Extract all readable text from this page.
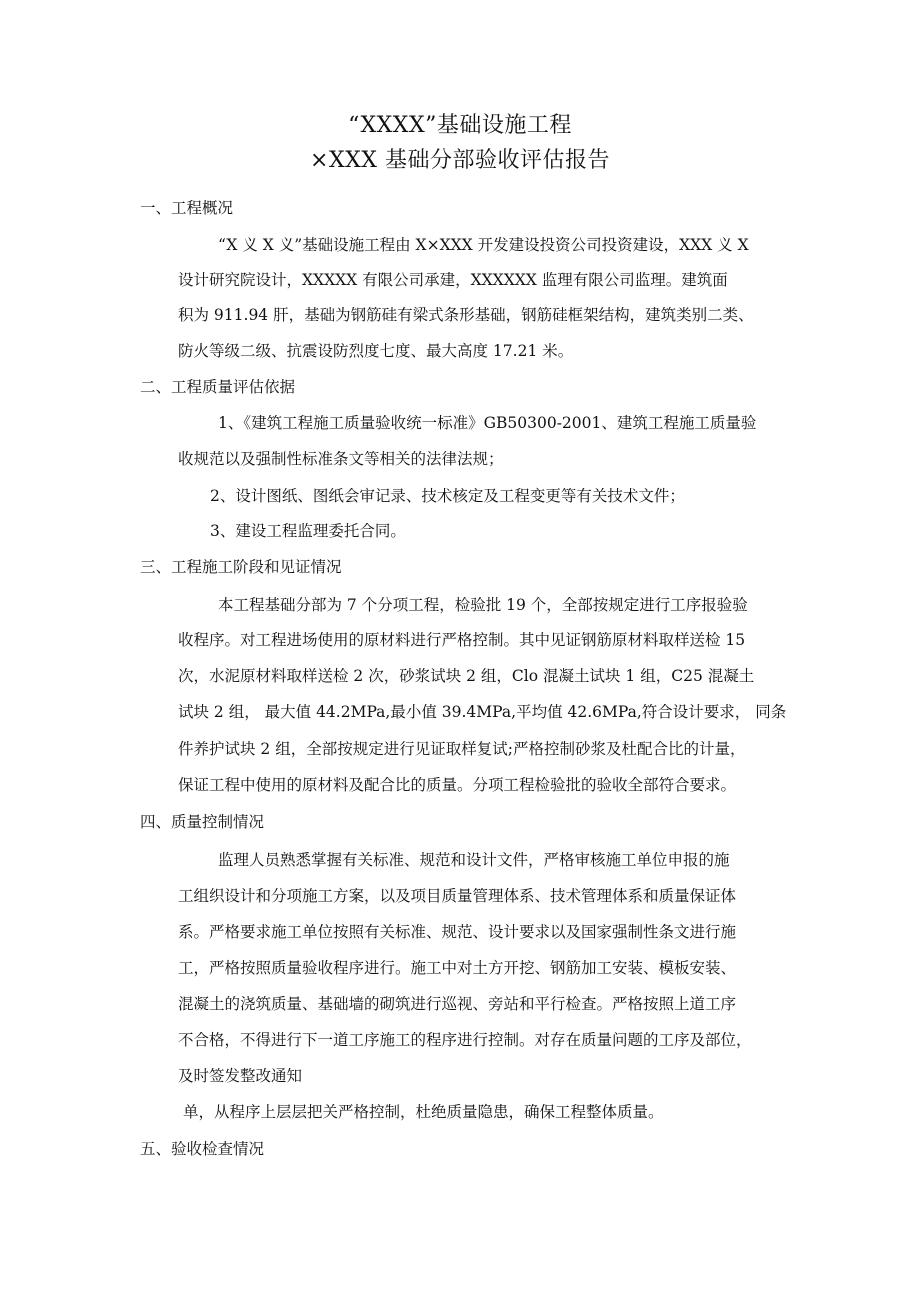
“XXXX”基础设施工程
×XXX 基础分部验收评估报告
一、工程概况
“X 义 X 义”基础设施工程由 X×XXX 开发建设投资公司投资建设，XXX 义 X
设计研究院设计，XXXXX 有限公司承建，XXXXXX 监理有限公司监理。建筑面
积为 911.94 肝，基础为钢筋硅有梁式条形基础，钢筋硅框架结构，建筑类别二类、
防火等级二级、抗震设防烈度七度、最大高度 17.21 米。
二、工程质量评估依据
1、《建筑工程施工质量验收统一标准》GB50300-2001、建筑工程施工质量验
收规范以及强制性标准条文等相关的法律法规；
2、设计图纸、图纸会审记录、技术核定及工程变更等有关技术文件；
3、建设工程监理委托合同。
三、工程施工阶段和见证情况
本工程基础分部为 7 个分项工程，检验批 19 个，全部按规定进行工序报验验
收程序。对工程进场使用的原材料进行严格控制。其中见证钢筋原材料取样送检 15
次，水泥原材料取样送检 2 次，砂浆试块 2 组，Clo 混凝土试块 1 组，C25 混凝土
试块 2 组， 最大值 44.2MPa,最小值 39.4MPa,平均值 42.6MPa,符合设计要求， 同条
件养护试块 2 组，全部按规定进行见证取样复试;严格控制砂浆及杜配合比的计量，
保证工程中使用的原材料及配合比的质量。分项工程检验批的验收全部符合要求。
四、质量控制情况
监理人员熟悉掌握有关标准、规范和设计文件，严格审核施工单位申报的施
工组织设计和分项施工方案，以及项目质量管理体系、技术管理体系和质量保证体
系。严格要求施工单位按照有关标准、规范、设计要求以及国家强制性条文进行施
工，严格按照质量验收程序进行。施工中对土方开挖、钢筋加工安装、模板安装、
混凝土的浇筑质量、基础墙的砌筑进行巡视、旁站和平行检查。严格按照上道工序
不合格，不得进行下一道工序施工的程序进行控制。对存在质量问题的工序及部位，
及时签发整改通知
单，从程序上层层把关严格控制，杜绝质量隐患，确保工程整体质量。
五、验收检查情况
